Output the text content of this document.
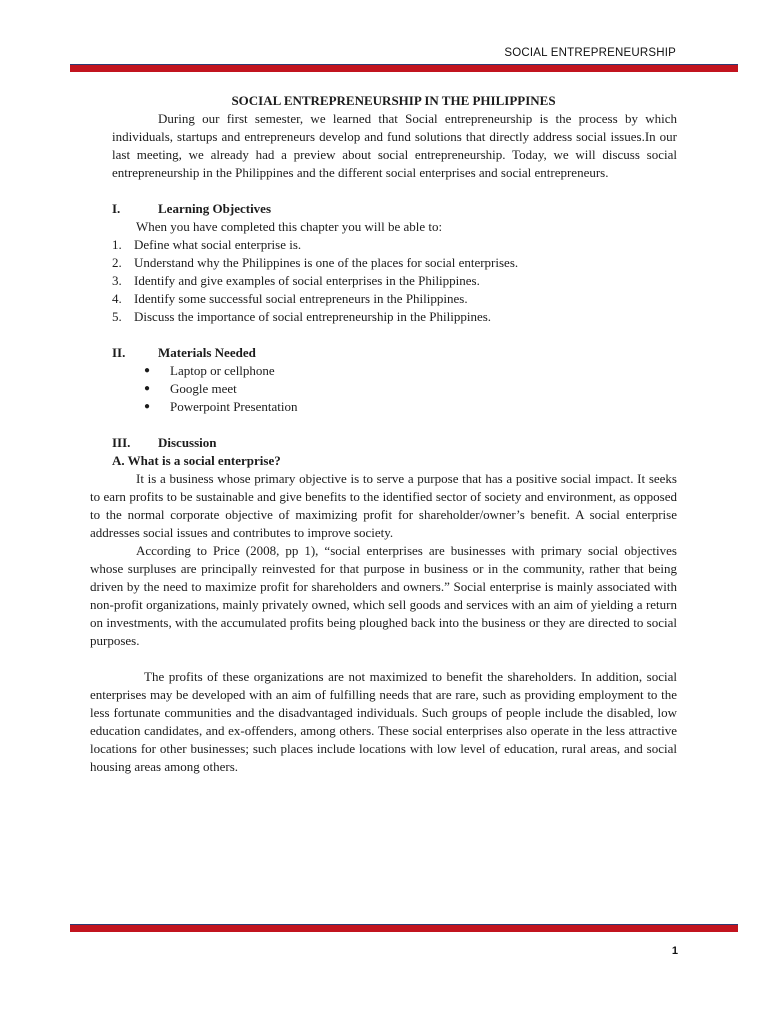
SOCIAL ENTREPRENEURSHIP
SOCIAL ENTREPRENEURSHIP IN THE PHILIPPINES

During our first semester, we learned that Social entrepreneurship is the process by which individuals, startups and entrepreneurs develop and fund solutions that directly address social issues.In our last meeting, we already had a preview about social entrepreneurship. Today, we will discuss social entrepreneurship in the Philippines and the different social enterprises and social entrepreneurs.

I.	Learning Objectives
When you have completed this chapter you will be able to:
1. Define what social enterprise is.
2. Understand why the Philippines is one of the places for social enterprises.
3. Identify and give examples of social enterprises in the Philippines.
4. Identify some successful social entrepreneurs in the Philippines.
5. Discuss the importance of social entrepreneurship in the Philippines.
II.	Materials Needed
●	Laptop or cellphone
●	Google meet
●	Powerpoint Presentation
III.	Discussion
A. What is a social enterprise?

It is a business whose primary objective is to serve a purpose that has a positive social impact. It seeks to earn profits to be sustainable and give benefits to the identified sector of society and environment, as opposed to the normal corporate objective of maximizing profit for shareholder/owner’s benefit. A social enterprise addresses social issues and contributes to improve society.

According to Price (2008, pp 1), “social enterprises are businesses with primary social objectives whose surpluses are principally reinvested for that purpose in business or in the community, rather that being driven by the need to maximize profit for shareholders and owners.” Social enterprise is mainly associated with non-profit organizations, mainly privately owned, which sell goods and services with an aim of yielding a return on investments, with the accumulated profits being ploughed back into the business or they are directed to social purposes.

The profits of these organizations are not maximized to benefit the shareholders. In addition, social enterprises may be developed with an aim of fulfilling needs that are rare, such as providing employment to the less fortunate communities and the disadvantaged individuals. Such groups of people include the disabled, low education candidates, and ex-offenders, among others. These social enterprises also operate in the less attractive locations for other businesses; such places include locations with low level of education, rural areas, and social housing areas among others.

1
